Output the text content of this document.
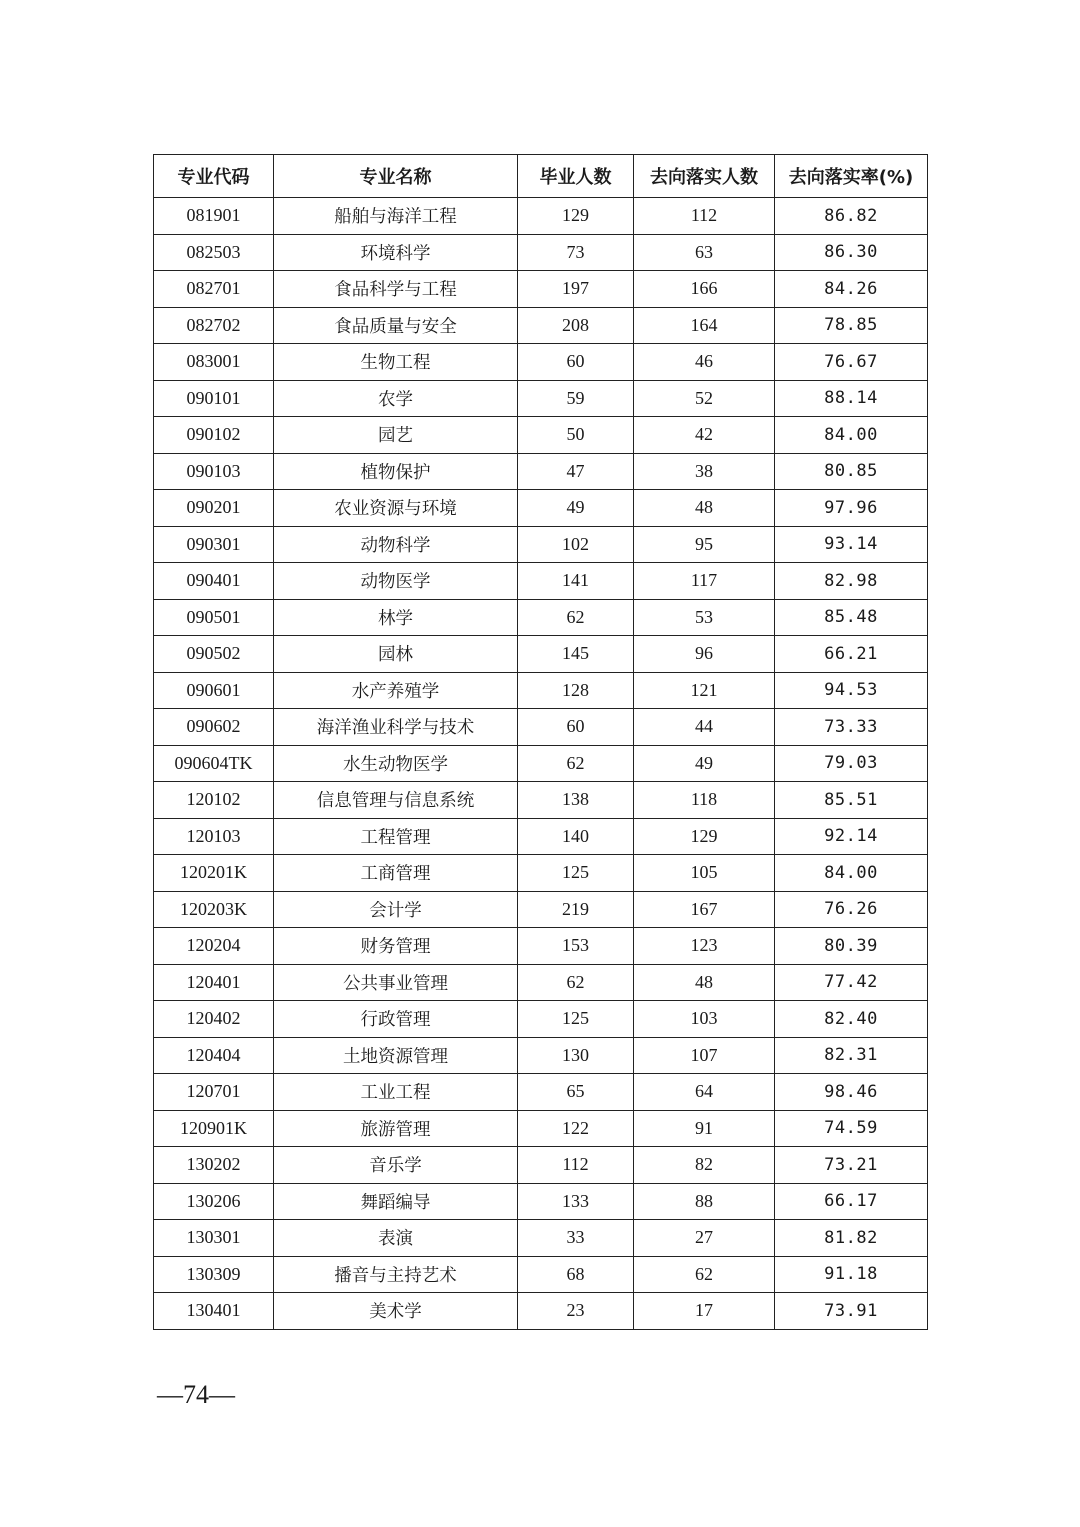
专业代码	专业名称	毕业人数	去向落实人数	去向落实率(%)
081901	船舶与海洋工程	129	112	86.82
082503	环境科学	73	63	86.30
082701	食品科学与工程	197	166	84.26
082702	食品质量与安全	208	164	78.85
083001	生物工程	60	46	76.67
090101	农学	59	52	88.14
090102	园艺	50	42	84.00
090103	植物保护	47	38	80.85
090201	农业资源与环境	49	48	97.96
090301	动物科学	102	95	93.14
090401	动物医学	141	117	82.98
090501	林学	62	53	85.48
090502	园林	145	96	66.21
090601	水产养殖学	128	121	94.53
090602	海洋渔业科学与技术	60	44	73.33
090604TK	水生动物医学	62	49	79.03
120102	信息管理与信息系统	138	118	85.51
120103	工程管理	140	129	92.14
120201K	工商管理	125	105	84.00
120203K	会计学	219	167	76.26
120204	财务管理	153	123	80.39
120401	公共事业管理	62	48	77.42
120402	行政管理	125	103	82.40
120404	土地资源管理	130	107	82.31
120701	工业工程	65	64	98.46
120901K	旅游管理	122	91	74.59
130202	音乐学	112	82	73.21
130206	舞蹈编导	133	88	66.17
130301	表演	33	27	81.82
130309	播音与主持艺术	68	62	91.18
130401	美术学	23	17	73.91
—74—
